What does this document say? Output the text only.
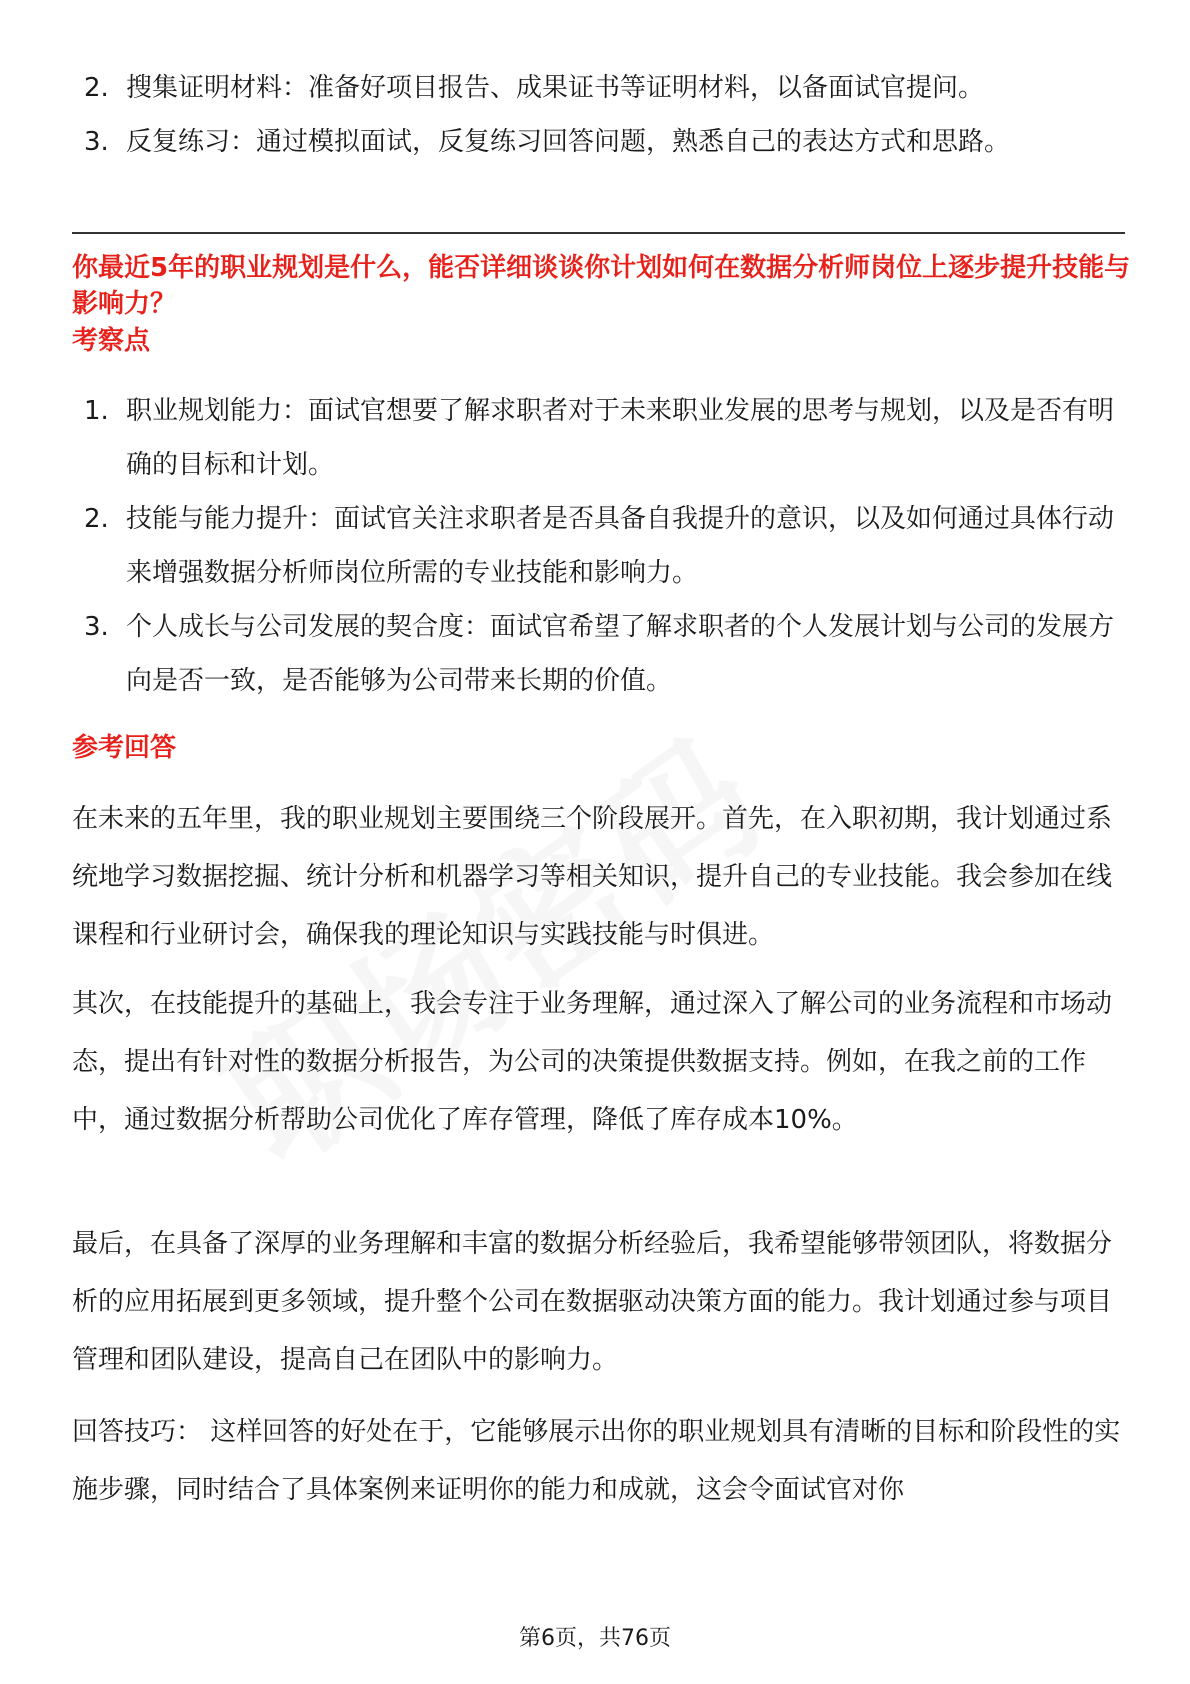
2. 搜集证明材料：准备好项目报告、成果证书等证明材料，以备面试官提问。
3. 反复练习：通过模拟面试，反复练习回答问题，熟悉自己的表达方式和思路。
你最近5年的职业规划是什么，能否详细谈谈你计划如何在数据分析师岗位上逐步提升技能与影响力？
考察点
1. 职业规划能力：面试官想要了解求职者对于未来职业发展的思考与规划，以及是否有明确的目标和计划。
2. 技能与能力提升：面试官关注求职者是否具备自我提升的意识，以及如何通过具体行动来增强数据分析师岗位所需的专业技能和影响力。
3. 个人成长与公司发展的契合度：面试官希望了解求职者的个人发展计划与公司的发展方向是否一致，是否能够为公司带来长期的价值。
参考回答

在未来的五年里，我的职业规划主要围绕三个阶段展开。首先，在入职初期，我计划通过系统地学习数据挖掘、统计分析和机器学习等相关知识，提升自己的专业技能。我会参加在线课程和行业研讨会，确保我的理论知识与实践技能与时俱进。

其次，在技能提升的基础上，我会专注于业务理解，通过深入了解公司的业务流程和市场动态，提出有针对性的数据分析报告，为公司的决策提供数据支持。例如，在我之前的工作中，通过数据分析帮助公司优化了库存管理，降低了库存成本10%。

最后，在具备了深厚的业务理解和丰富的数据分析经验后，我希望能够带领团队，将数据分析的应用拓展到更多领域，提升整个公司在数据驱动决策方面的能力。我计划通过参与项目管理和团队建设，提高自己在团队中的影响力。

回答技巧： 这样回答的好处在于，它能够展示出你的职业规划具有清晰的目标和阶段性的实施步骤，同时结合了具体案例来证明你的能力和成就，这会令面试官对你

第6页，共76页
